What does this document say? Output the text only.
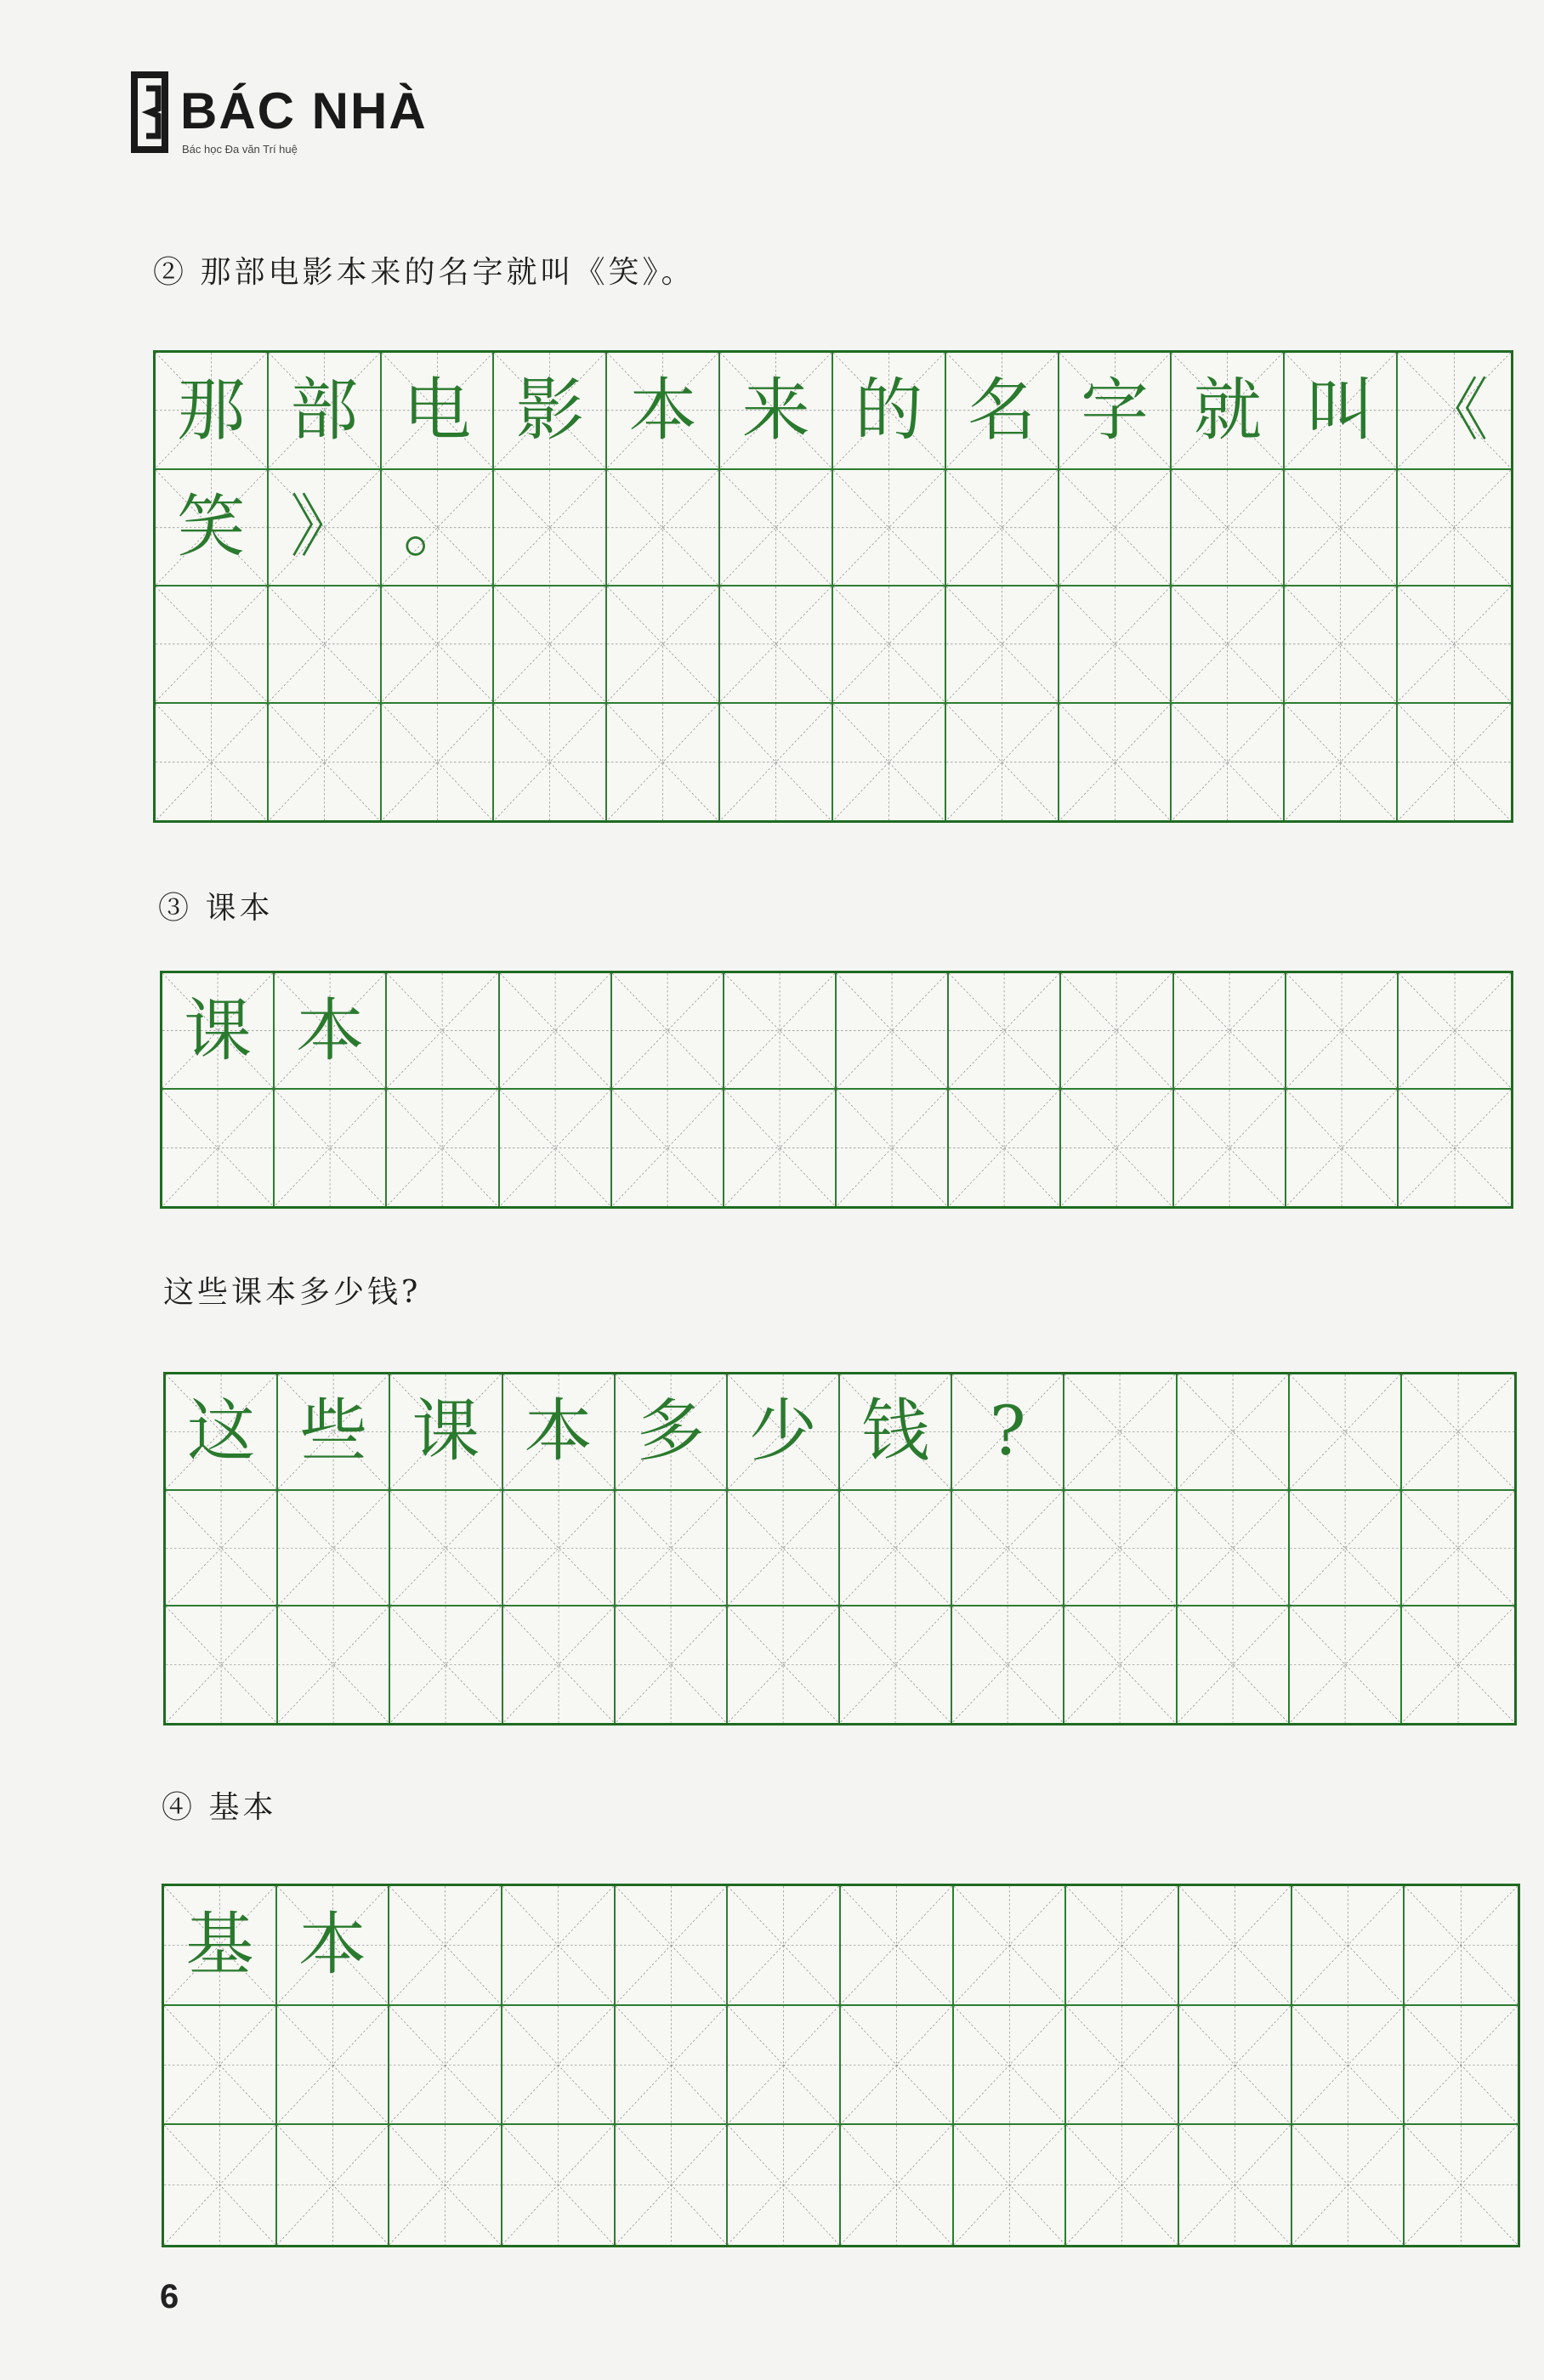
BÁC NHÀ
Bác học Đa văn Trí huệ
② 那部电影本来的名字就叫《笑》。
那 部 电 影 本 来 的 名 字 就 叫 《
笑 》 。
③ 课本
课 本
这些课本多少钱?
这 些 课 本 多 少 钱 ?
④ 基本
基 本
6
